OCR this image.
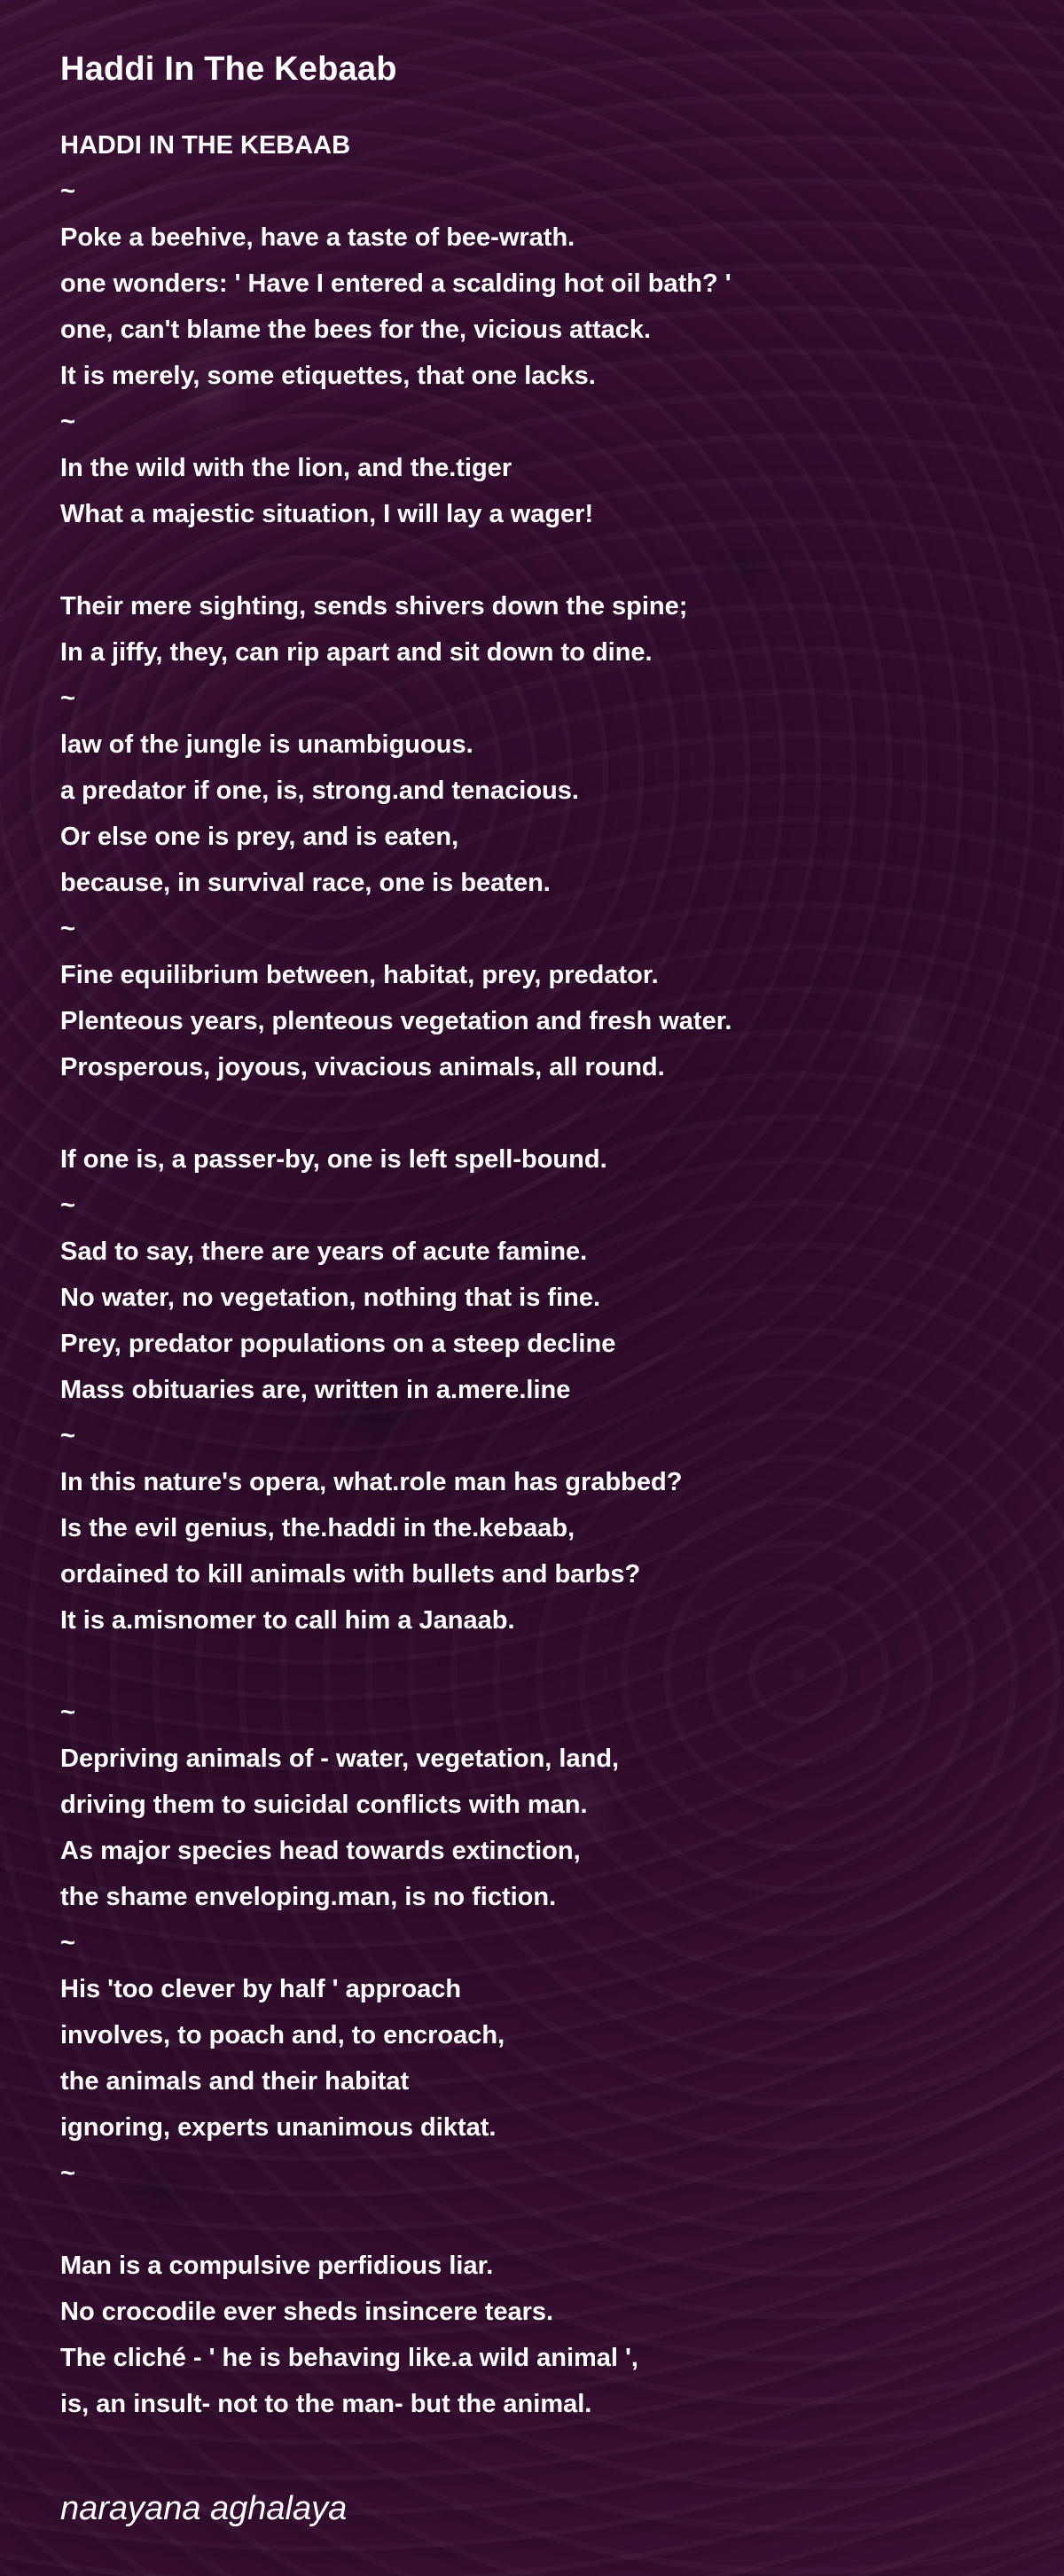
Haddi In The Kebaab
HADDI IN THE KEBAAB
~
Poke a beehive, have a taste of bee-wrath.
one wonders: ' Have I entered a scalding hot oil bath? '
one, can't blame the bees for the, vicious attack.
It is merely, some etiquettes, that one lacks.
~
In the wild with the lion, and the.tiger
What a majestic situation, I will lay a wager!
Their mere sighting, sends shivers down the spine;
In a jiffy, they, can rip apart and sit down to dine.
~
law of the jungle is unambiguous.
a predator if one, is, strong.and tenacious.
Or else one is prey, and is eaten,
because, in survival race, one is beaten.
~
Fine equilibrium between, habitat, prey, predator.
Plenteous years, plenteous vegetation and fresh water.
Prosperous, joyous, vivacious animals, all round.
If one is, a passer-by, one is left spell-bound.
~
Sad to say, there are years of acute famine.
No water, no vegetation, nothing that is fine.
Prey, predator populations on a steep decline
Mass obituaries are, written in a.mere.line
~
In this nature's opera, what.role man has grabbed?
Is the evil genius, the.haddi in the.kebaab,
ordained to kill animals with bullets and barbs?
It is a.misnomer to call him a Janaab.
~
Depriving animals of - water, vegetation, land,
driving them to suicidal conflicts with man.
As major species head towards extinction,
the shame enveloping.man, is no fiction.
~
His 'too clever by half ' approach
involves, to poach and, to encroach,
the animals and their habitat
ignoring, experts unanimous diktat.
~
Man is a compulsive perfidious liar.
No crocodile ever sheds insincere tears.
The cliché - ' he is behaving like.a wild animal ',
is, an insult- not to the man- but the animal.

narayana aghalaya
